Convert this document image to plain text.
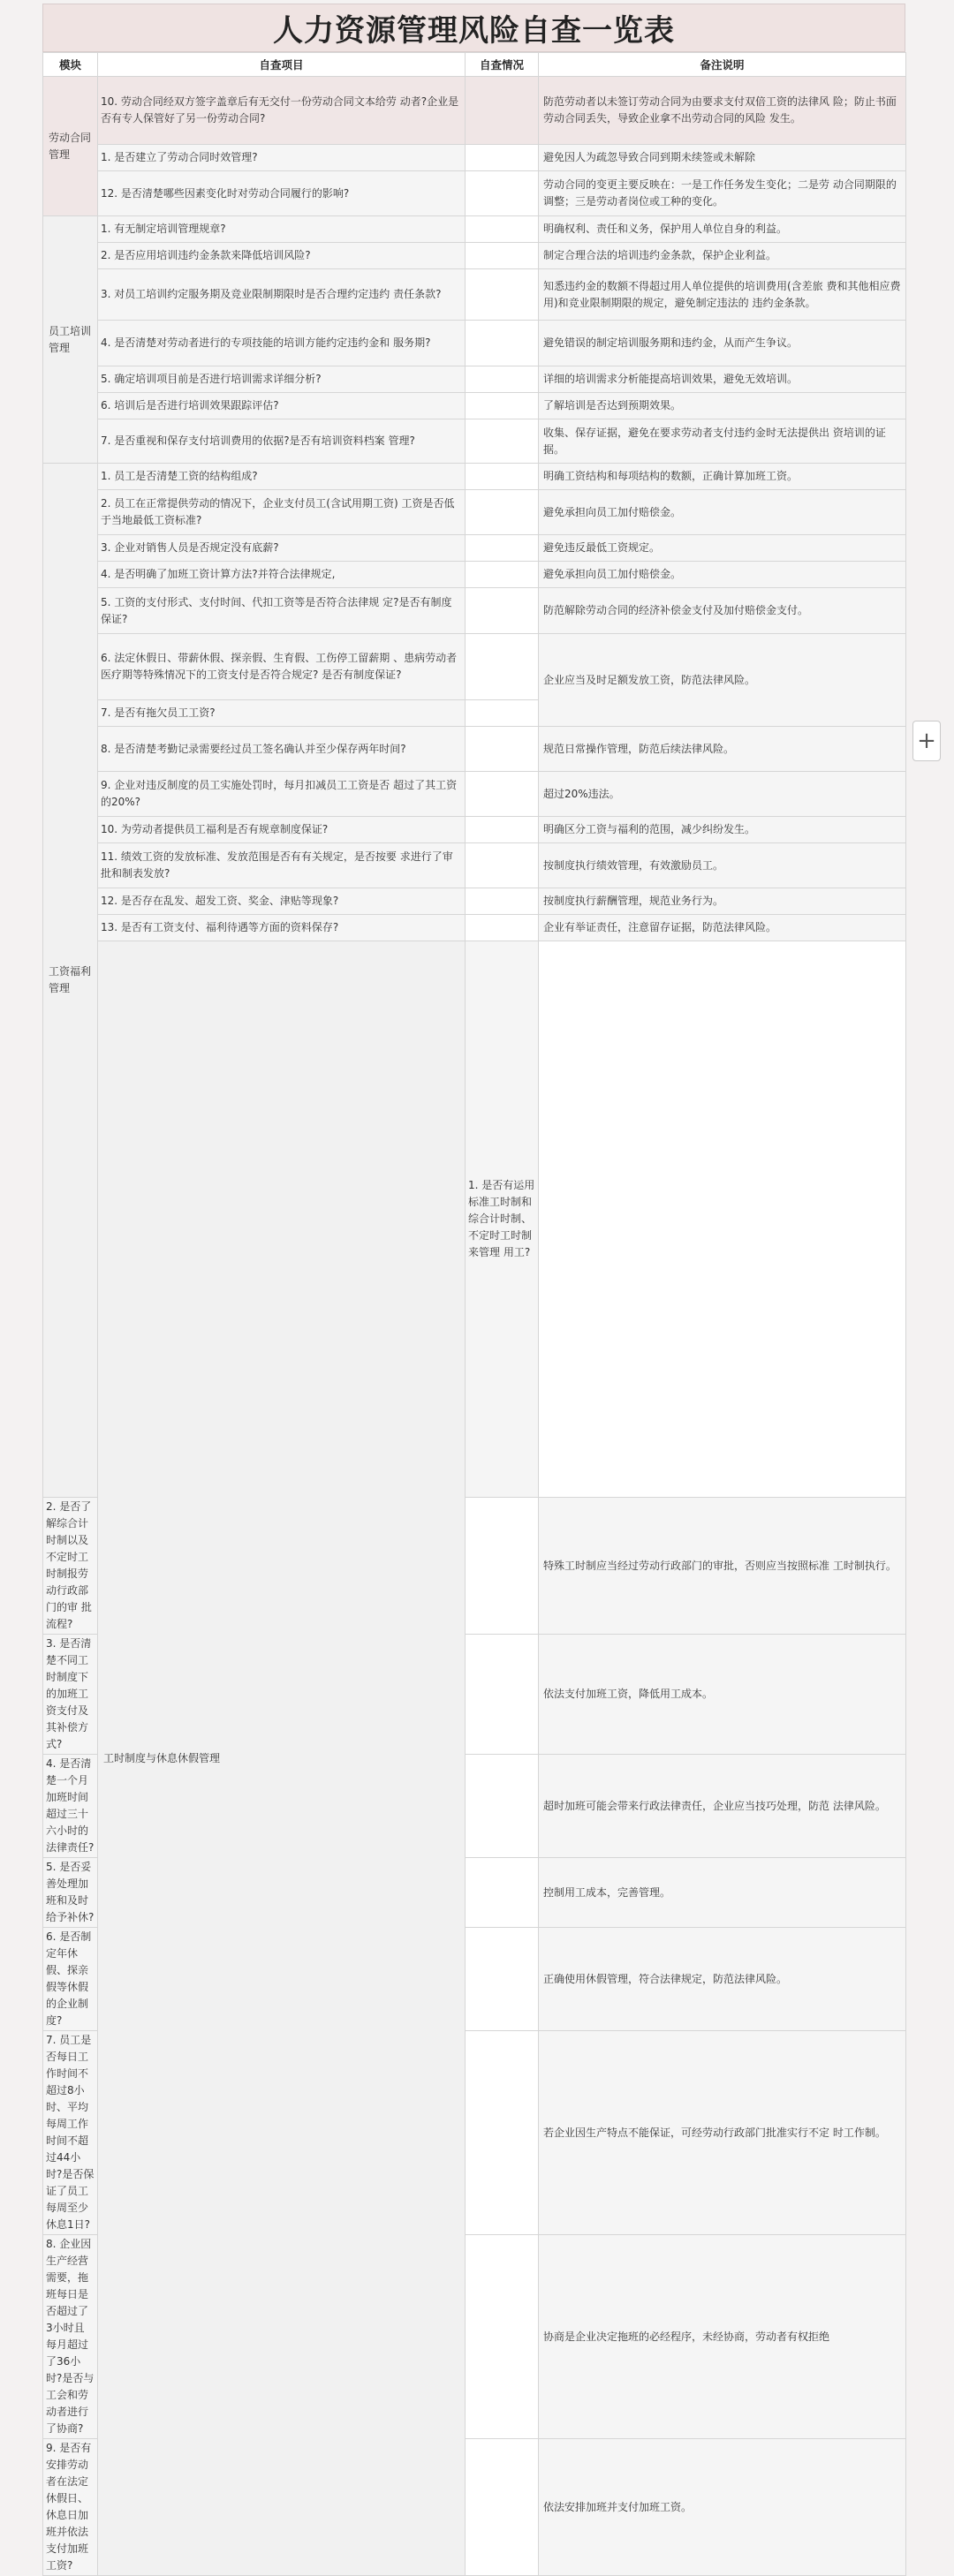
人力资源管理风险自查一览表
模块	自查项目	自查情况	备注说明	
劳动合同管理	10. 劳动合同经双方签字盖章后有无交付一份劳动合同文本给劳 动者?企业是否有专人保管好了另一份劳动合同?		防范劳动者以未签订劳动合同为由要求支付双倍工资的法律风 险；防止书面劳动合同丢失，导致企业拿不出劳动合同的风险 发生。	
	1. 是否建立了劳动合同时效管理?		避免因人为疏忽导致合同到期未续签或未解除	
	12. 是否清楚哪些因素变化时对劳动合同履行的影响?		劳动合同的变更主要反映在：一是工作任务发生变化；二是劳 动合同期限的调整；三是劳动者岗位或工种的变化。	
员工培训管理	1. 有无制定培训管理规章?		明确权利、责任和义务，保护用人单位自身的利益。	
	2. 是否应用培训违约金条款来降低培训风险?		制定合理合法的培训违约金条款，保护企业利益。	
	3. 对员工培训约定服务期及竞业限制期限时是否合理约定违约 责任条款?		知悉违约金的数额不得超过用人单位提供的培训费用(含差旅 费和其他相应费用)和竞业限制期限的规定，避免制定违法的 违约金条款。	
	4. 是否清楚对劳动者进行的专项技能的培训方能约定违约金和 服务期?		避免错误的制定培训服务期和违约金，从而产生争议。	
	5. 确定培训项目前是否进行培训需求详细分析?		详细的培训需求分析能提高培训效果，避免无效培训。	
	6. 培训后是否进行培训效果跟踪评估?		了解培训是否达到预期效果。	
	7. 是否重视和保存支付培训费用的依据?是否有培训资料档案 管理?		收集、保存证据，避免在要求劳动者支付违约金时无法提供出 资培训的证据。	
工资福利管理	1. 员工是否清楚工资的结构组成?		明确工资结构和每项结构的数额，正确计算加班工资。	
	2. 员工在正常提供劳动的情况下，企业支付员工(含试用期工资) 工资是否低于当地最低工资标准?		避免承担向员工加付赔偿金。	
	3. 企业对销售人员是否规定没有底薪?		避免违反最低工资规定。	
	4. 是否明确了加班工资计算方法?并符合法律规定,		避免承担向员工加付赔偿金。	
	5. 工资的支付形式、支付时间、代扣工资等是否符合法律规 定?是否有制度保证?		防范解除劳动合同的经济补偿金支付及加付赔偿金支付。	
	6. 法定休假日、带薪休假、探亲假、生育假、工伤停工留薪期 、患病劳动者医疗期等特殊情况下的工资支付是否符合规定? 是否有制度保证?		企业应当及时足额发放工资，防范法律风险。	
	7. 是否有拖欠员工工资?			
	8. 是否清楚考勤记录需要经过员工签名确认并至少保存两年时间?		规范日常操作管理，防范后续法律风险。	
	9. 企业对违反制度的员工实施处罚时，每月扣减员工工资是否 超过了其工资的20%?		超过20%违法。	
	10. 为劳动者提供员工福利是否有规章制度保证?		明确区分工资与福利的范围，减少纠纷发生。	
	11. 绩效工资的发放标准、发放范围是否有有关规定，是否按要 求进行了审批和制表发放?		按制度执行绩效管理，有效激励员工。	
	12. 是否存在乱发、超发工资、奖金、津贴等现象?		按制度执行薪酬管理，规范业务行为。	
	13. 是否有工资支付、福利待遇等方面的资料保存?		企业有举证责任，注意留存证据，防范法律风险。	
	工时制度与休息休假管理	1. 是否有运用标准工时制和综合计时制、不定时工时制来管理 用工?		
2. 是否了解综合计时制以及不定时工时制报劳动行政部门的审 批流程?			特殊工时制应当经过劳动行政部门的审批，否则应当按照标准 工时制执行。	
3. 是否清楚不同工时制度下的加班工资支付及其补偿方式?			依法支付加班工资，降低用工成本。	
4. 是否清楚一个月加班时间超过三十六小时的法律责任?			超时加班可能会带来行政法律责任，企业应当技巧处理，防范 法律风险。	
5. 是否妥善处理加班和及时给予补休?			控制用工成本，完善管理。	
6. 是否制定年休假、探亲假等休假的企业制度?			正确使用休假管理，符合法律规定，防范法律风险。	
7. 员工是否每日工作时间不超过8小时、平均每周工作时间不超 过44小时?是否保证了员工每周至少休息1日?			若企业因生产特点不能保证，可经劳动行政部门批准实行不定 时工作制。	
8. 企业因生产经营需要，拖班每日是否超过了3小时且每月超过 了36小时?是否与工会和劳动者进行了协商?			协商是企业决定拖班的必经程序，未经协商，劳动者有权拒绝	
9. 是否有安排劳动者在法定休假日、休息日加班并依法支付加班工资?			依法安排加班并支付加班工资。	
+
